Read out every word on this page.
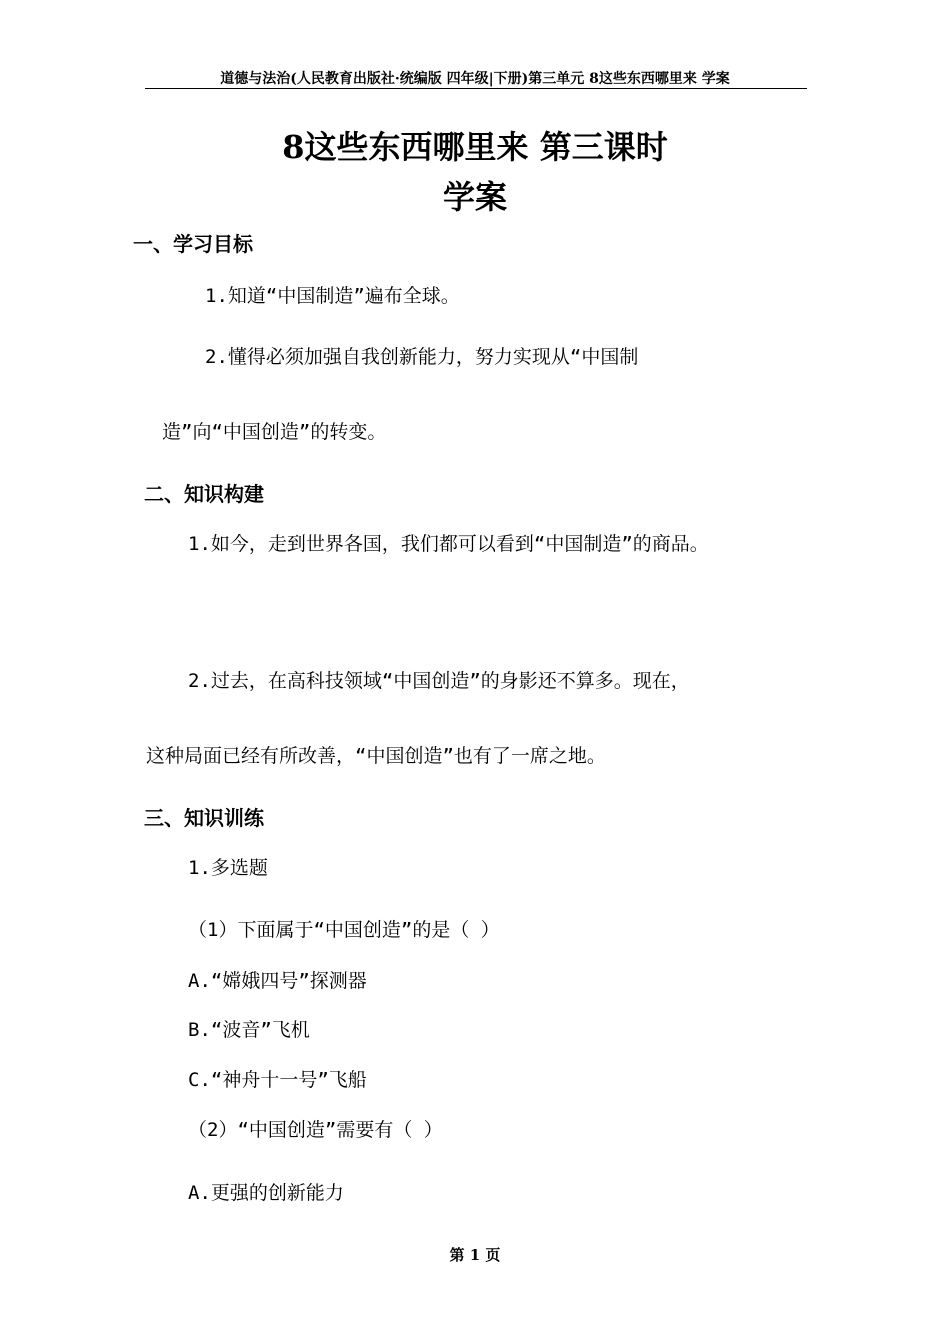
道德与法治(人民教育出版社·统编版 四年级|下册)第三单元 8这些东西哪里来 学案
8这些东西哪里来 第三课时
学案
一、学习目标
1.知道“中国制造”遍布全球。
2.懂得必须加强自我创新能力，努力实现从“中国制
造”向“中国创造”的转变。
二、知识构建
1.如今，走到世界各国，我们都可以看到“中国制造”的商品。
2.过去，在高科技领域“中国创造”的身影还不算多。现在，
这种局面已经有所改善，“中国创造”也有了一席之地。
三、知识训练
1.多选题
（1）下面属于“中国创造”的是（ ）
A.“嫦娥四号”探测器
B.“波音”飞机
C.“神舟十一号”飞船
（2）“中国创造”需要有（ ）
A.更强的创新能力
第 1 页
